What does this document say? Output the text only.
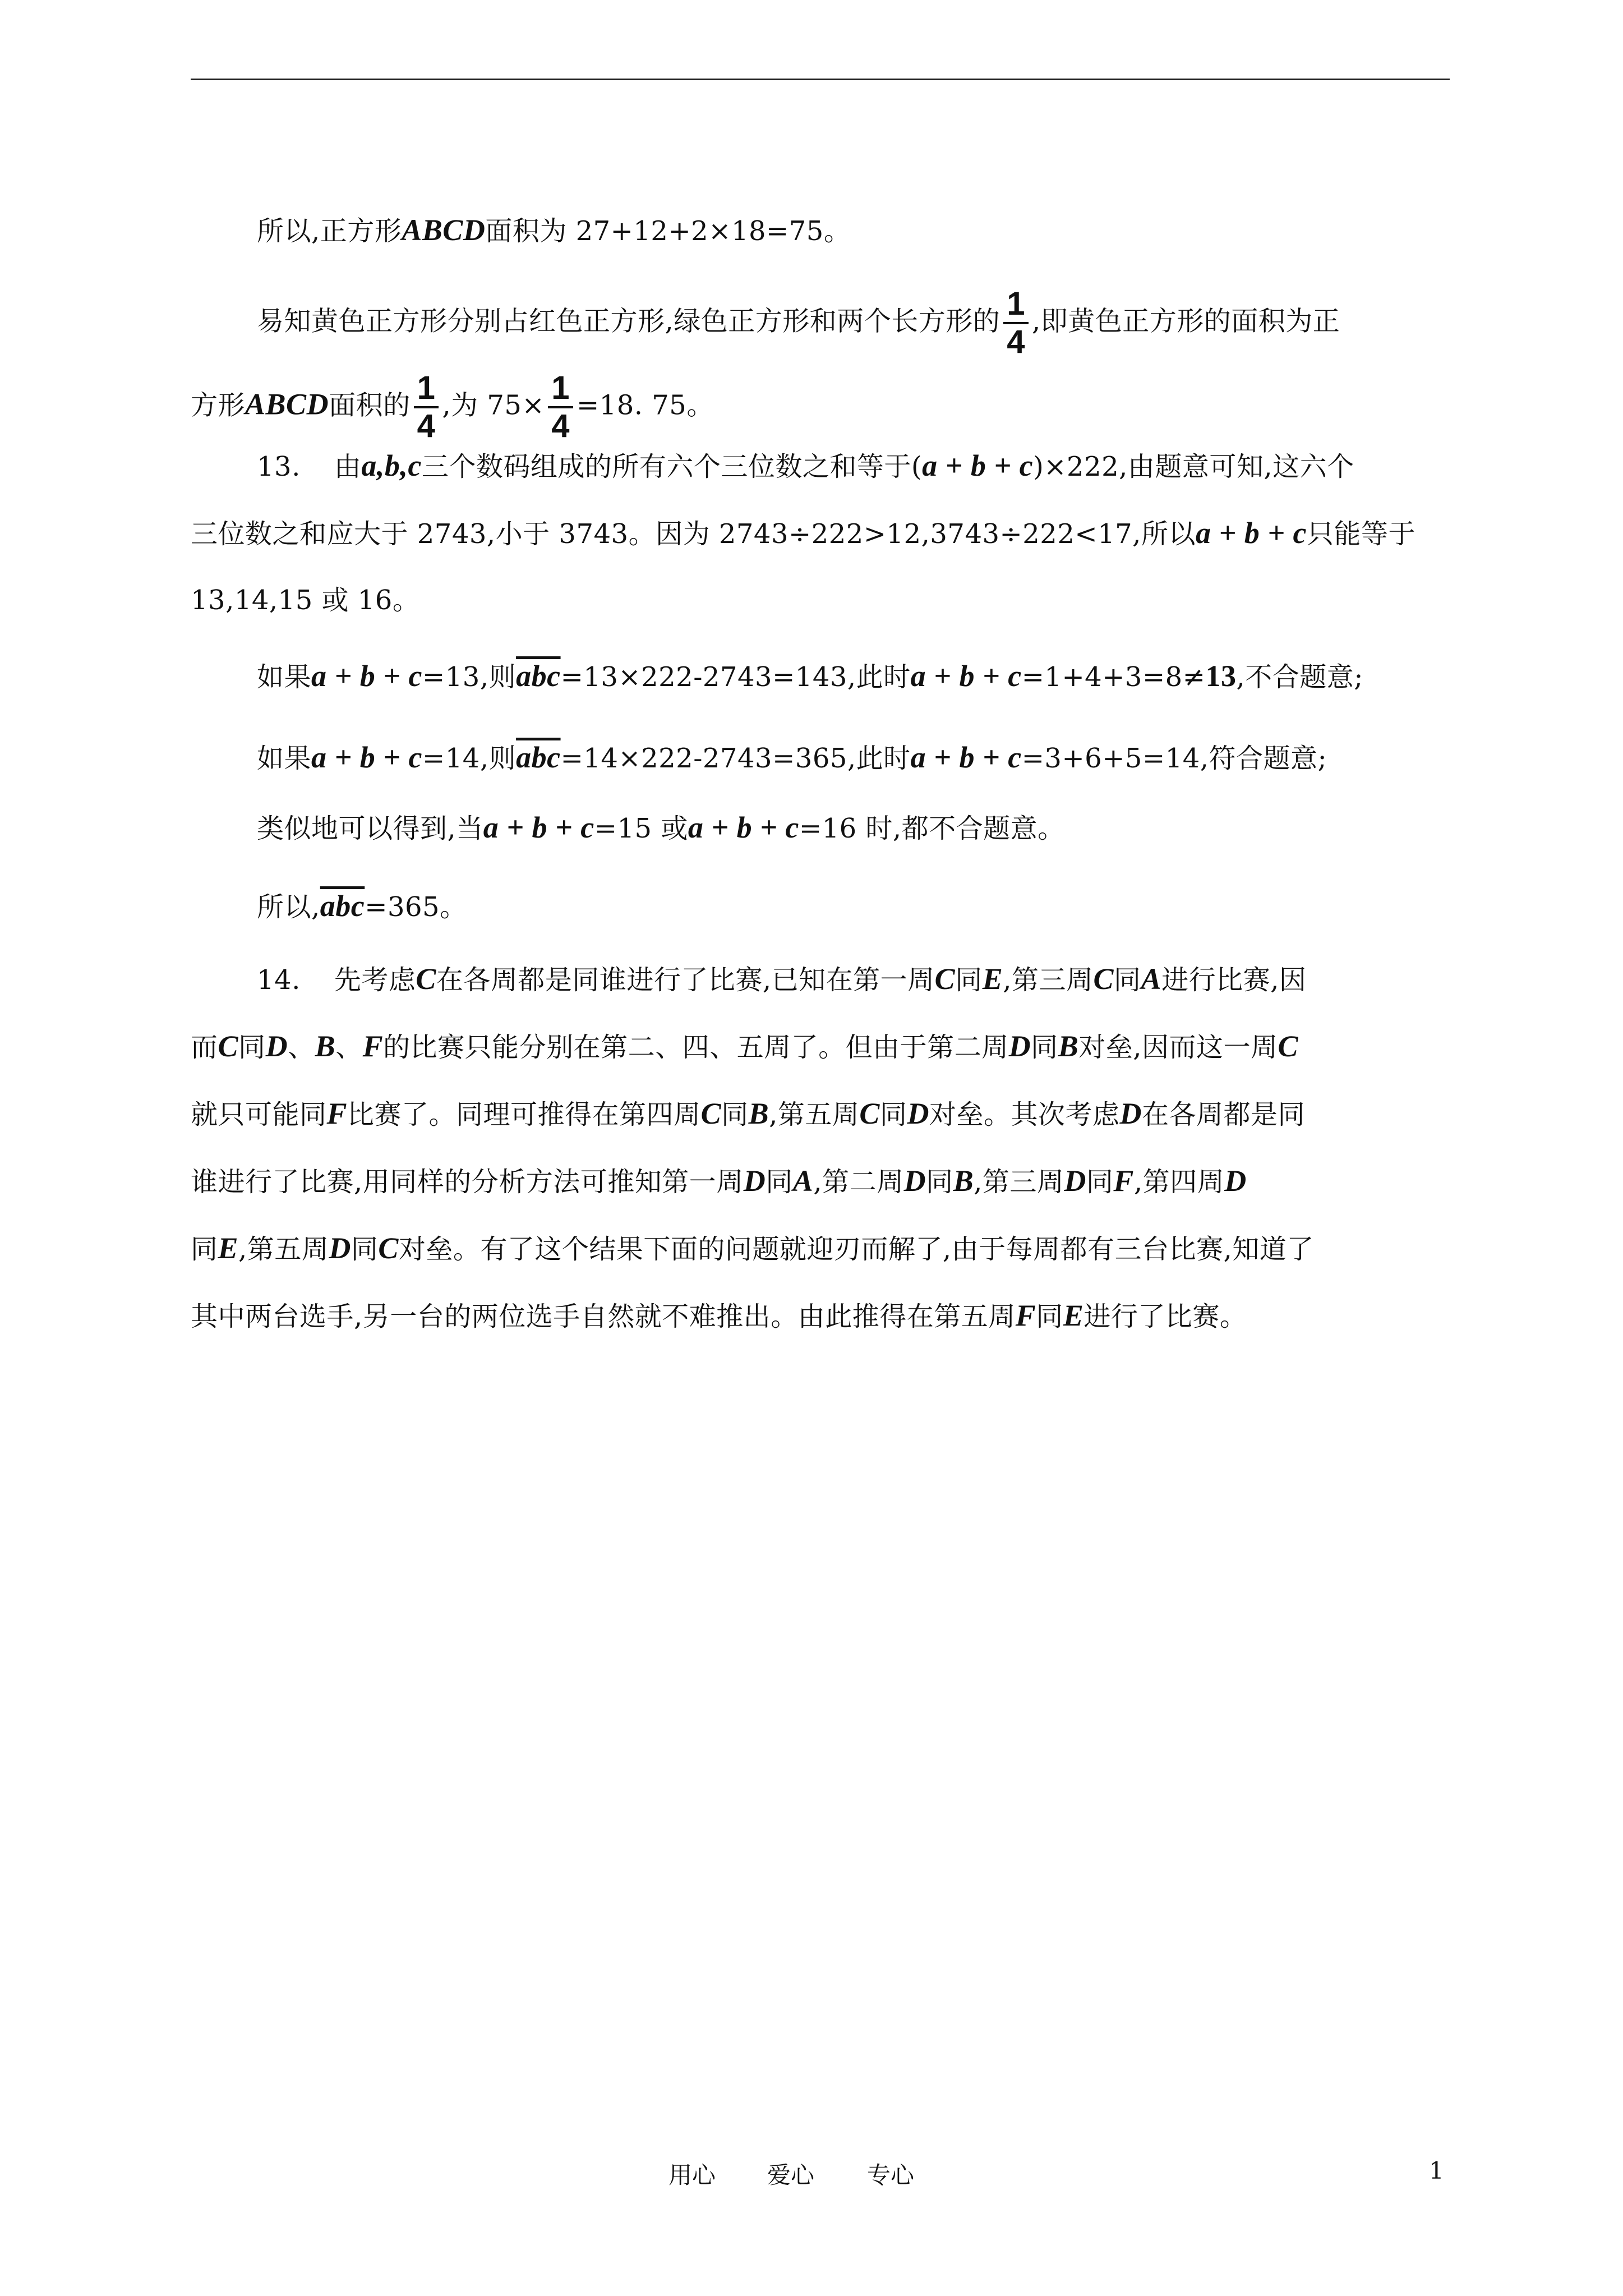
所以,正方形ABCD面积为 27+12+2×18=75。
易知黄色正方形分别占红色正方形,绿色正方形和两个长方形的 $\frac{1}{4}$ ,即黄色正方形的面积为正
方形ABCD面积的 $\frac{1}{4}$ ,为 $75\times \frac{1}{4} =18$. 75。
13. 由a,b,c三个数码组成的所有六个三位数之和等于(a + b + c)×222,由题意可知,这六个
三位数之和应大于 2743,小于 3743。因为 2743÷222>12,3743÷222<17,所以a + b + c只能等于
13,14,15 或 16。
如果a + b + c=13,则$\overline{abc}=13\times 222-2743=143$,此时a + b + c=1+4+3=8≠13,不合题意;
如果a + b + c=14,则$\overline{abc}=14\times 222-2743=365$,此时a + b + c=3+6+5=14,符合题意;
类似地可以得到,当a + b + c=15 或a + b + c=16 时,都不合题意。
所以$,\overline{abc}=365$。
14. 先考虑C在各周都是同谁进行了比赛,已知在第一周C同E,第三周C同A进行比赛,因
而C同D、B、F的比赛只能分别在第二、四、五周了。但由于第二周D同B对垒,因而这一周C
就只可能同F比赛了。同理可推得在第四周C同B,第五周C同D对垒。其次考虑D在各周都是同
谁进行了比赛,用同样的分析方法可推知第一周D同A,第二周D同B,第三周D同F,第四周D
同E,第五周D同C对垒。有了这个结果下面的问题就迎刃而解了,由于每周都有三台比赛,知道了
其中两台选手,另一台的两位选手自然就不难推出。由此推得在第五周F同E进行了比赛。
用心 爱心 专心	1
